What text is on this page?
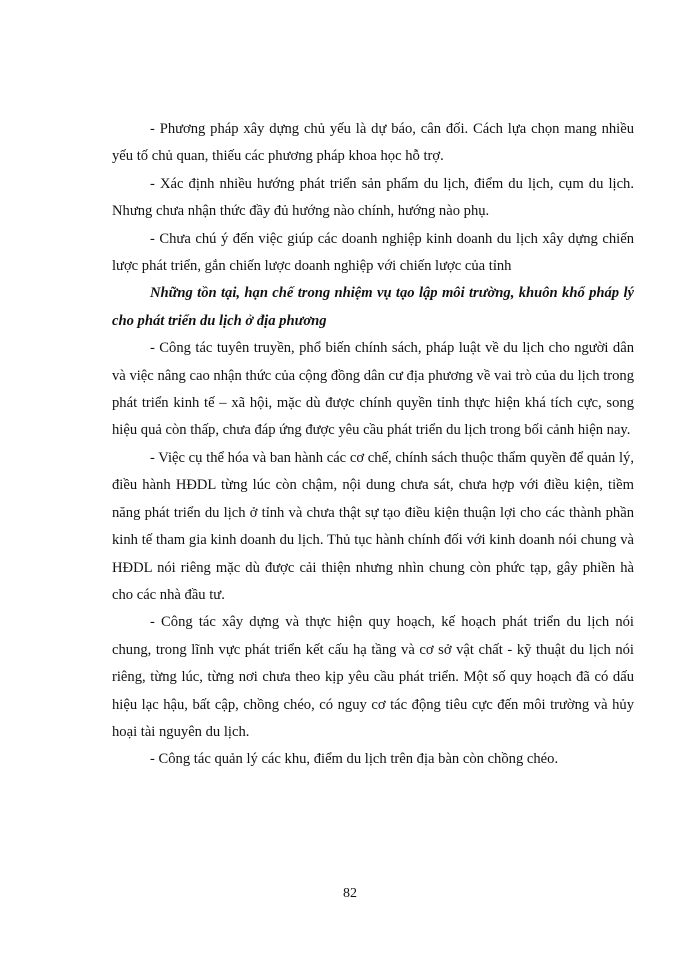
- Phương pháp xây dựng chủ yếu là dự báo, cân đối. Cách lựa chọn mang nhiều yếu tố chủ quan, thiếu các phương pháp khoa học hỗ trợ.

- Xác định nhiều hướng phát triển sản phẩm du lịch, điểm du lịch, cụm du lịch. Nhưng chưa nhận thức đầy đủ hướng nào chính, hướng nào phụ.

- Chưa chú ý đến việc giúp các doanh nghiệp kinh doanh du lịch xây dựng chiến lược phát triển, gắn chiến lược doanh nghiệp với chiến lược của tỉnh

Những tồn tại, hạn chế trong nhiệm vụ tạo lập môi trường, khuôn khổ pháp lý cho phát triển du lịch ở địa phương

- Công tác tuyên truyền, phổ biến chính sách, pháp luật về du lịch cho người dân và việc nâng cao nhận thức của cộng đồng dân cư địa phương về vai trò của du lịch trong phát triển kinh tế – xã hội, mặc dù được chính quyền tỉnh thực hiện khá tích cực, song hiệu quả còn thấp, chưa đáp ứng được yêu cầu phát triển du lịch trong bối cảnh hiện nay.

- Việc cụ thể hóa và ban hành các cơ chế, chính sách thuộc thẩm quyền để quản lý, điều hành HĐDL từng lúc còn chậm, nội dung chưa sát, chưa hợp với điều kiện, tiềm năng phát triển du lịch ở tỉnh và chưa thật sự tạo điều kiện thuận lợi cho các thành phần kinh tế tham gia kinh doanh du lịch. Thủ tục hành chính đối với kinh doanh nói chung và HĐDL nói riêng mặc dù được cải thiện nhưng nhìn chung còn phức tạp, gây phiền hà cho các nhà đầu tư.

- Công tác xây dựng và thực hiện quy hoạch, kế hoạch phát triển du lịch nói chung, trong lĩnh vực phát triển kết cấu hạ tầng và cơ sở vật chất - kỹ thuật du lịch nói riêng, từng lúc, từng nơi chưa theo kịp yêu cầu phát triển. Một số quy hoạch đã có dấu hiệu lạc hậu, bất cập, chồng chéo, có nguy cơ tác động tiêu cực đến môi trường và hủy hoại tài nguyên du lịch.

- Công tác quản lý các khu, điểm du lịch trên địa bàn còn chồng chéo.

82
